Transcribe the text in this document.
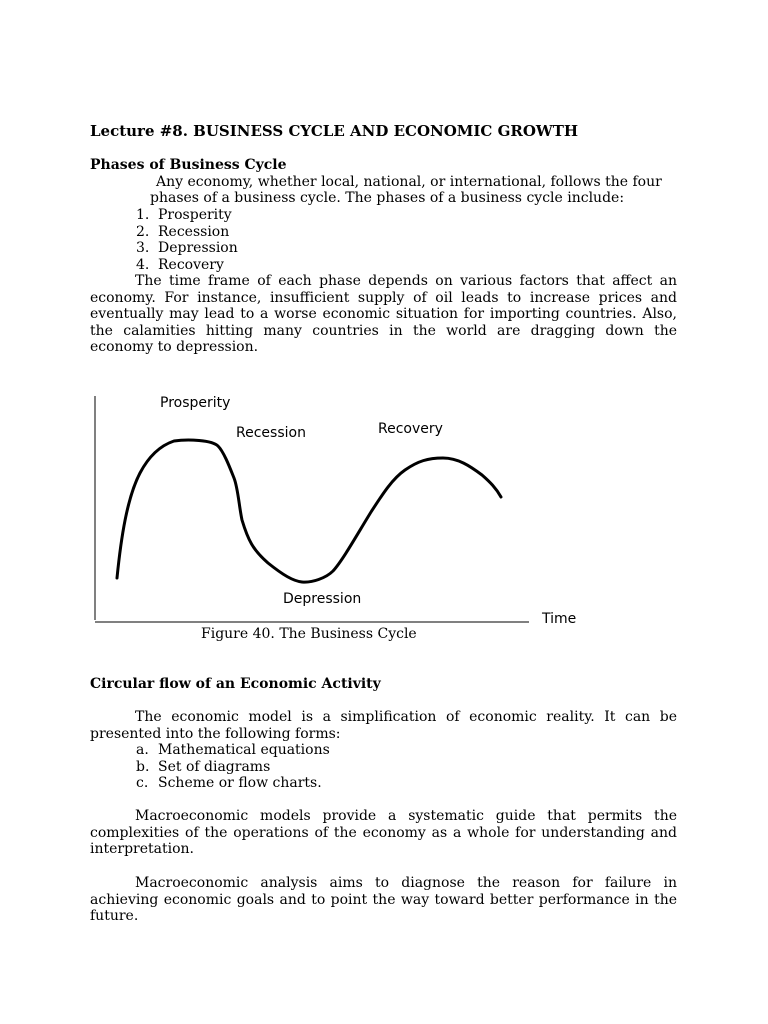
Lecture #8. BUSINESS CYCLE AND ECONOMIC GROWTH
Phases of Business Cycle
Any economy, whether local, national, or international, follows the four
phases of a business cycle. The phases of a business cycle include:
1. Prosperity
2. Recession
3. Depression
4. Recovery
The time frame of each phase depends on various factors that affect an economy. For instance, insufficient supply of oil leads to increase prices and eventually may lead to a worse economic situation for importing countries. Also, the calamities hitting many countries in the world are dragging down the economy to depression.
Prosperity
Recession	Recovery
Depression
Time
Figure 40. The Business Cycle
Circular flow of an Economic Activity
The economic model is a simplification of economic reality. It can be presented into the following forms:
a. Mathematical equations
b. Set of diagrams
c. Scheme or flow charts.
Macroeconomic models provide a systematic guide that permits the complexities of the operations of the economy as a whole for understanding and interpretation.
Macroeconomic analysis aims to diagnose the reason for failure in achieving economic goals and to point the way toward better performance in the future.
